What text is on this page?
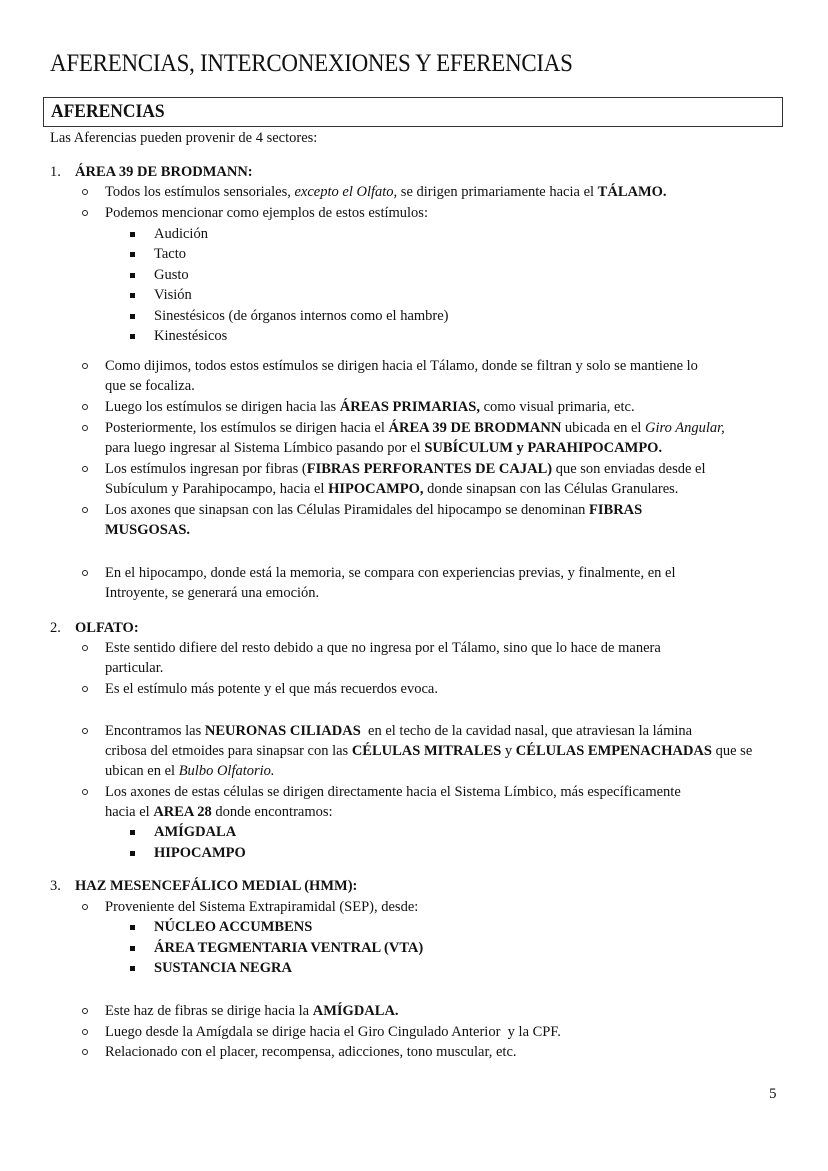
AFERENCIAS, INTERCONEXIONES Y EFERENCIAS
AFERENCIAS
Las Aferencias pueden provenir de 4 sectores:
1. ÁREA 39 DE BRODMANN:
Todos los estímulos sensoriales, excepto el Olfato, se dirigen primariamente hacia el TÁLAMO.
Podemos mencionar como ejemplos de estos estímulos:
Audición
Tacto
Gusto
Visión
Sinestésicos (de órganos internos como el hambre)
Kinestésicos
Como dijimos, todos estos estímulos se dirigen hacia el Tálamo, donde se filtran y solo se mantiene lo
que se focaliza.
Luego los estímulos se dirigen hacia las ÁREAS PRIMARIAS, como visual primaria, etc.
Posteriormente, los estímulos se dirigen hacia el ÁREA 39 DE BRODMANN ubicada en el Giro Angular,
para luego ingresar al Sistema Límbico pasando por el SUBÍCULUM y PARAHIPOCAMPO.
Los estímulos ingresan por fibras (FIBRAS PERFORANTES DE CAJAL) que son enviadas desde el
Subículum y Parahipocampo, hacia el HIPOCAMPO, donde sinapsan con las Células Granulares.
Los axones que sinapsan con las Células Piramidales del hipocampo se denominan FIBRAS
MUSGOSAS.
En el hipocampo, donde está la memoria, se compara con experiencias previas, y finalmente, en el
Introyente, se generará una emoción.
2. OLFATO:
Este sentido difiere del resto debido a que no ingresa por el Tálamo, sino que lo hace de manera
particular.
Es el estímulo más potente y el que más recuerdos evoca.
Encontramos las NEURONAS CILIADAS  en el techo de la cavidad nasal, que atraviesan la lámina
cribosa del etmoides para sinapsar con las CÉLULAS MITRALES y CÉLULAS EMPENACHADAS que se
ubican en el Bulbo Olfatorio.
Los axones de estas células se dirigen directamente hacia el Sistema Límbico, más específicamente
hacia el AREA 28 donde encontramos:
AMÍGDALA
HIPOCAMPO
3. HAZ MESENCEFÁLICO MEDIAL (HMM):
Proveniente del Sistema Extrapiramidal (SEP), desde:
NÚCLEO ACCUMBENS
ÁREA TEGMENTARIA VENTRAL (VTA)
SUSTANCIA NEGRA
Este haz de fibras se dirige hacia la AMÍGDALA.
Luego desde la Amígdala se dirige hacia el Giro Cingulado Anterior  y la CPF.
Relacionado con el placer, recompensa, adicciones, tono muscular, etc.
5
